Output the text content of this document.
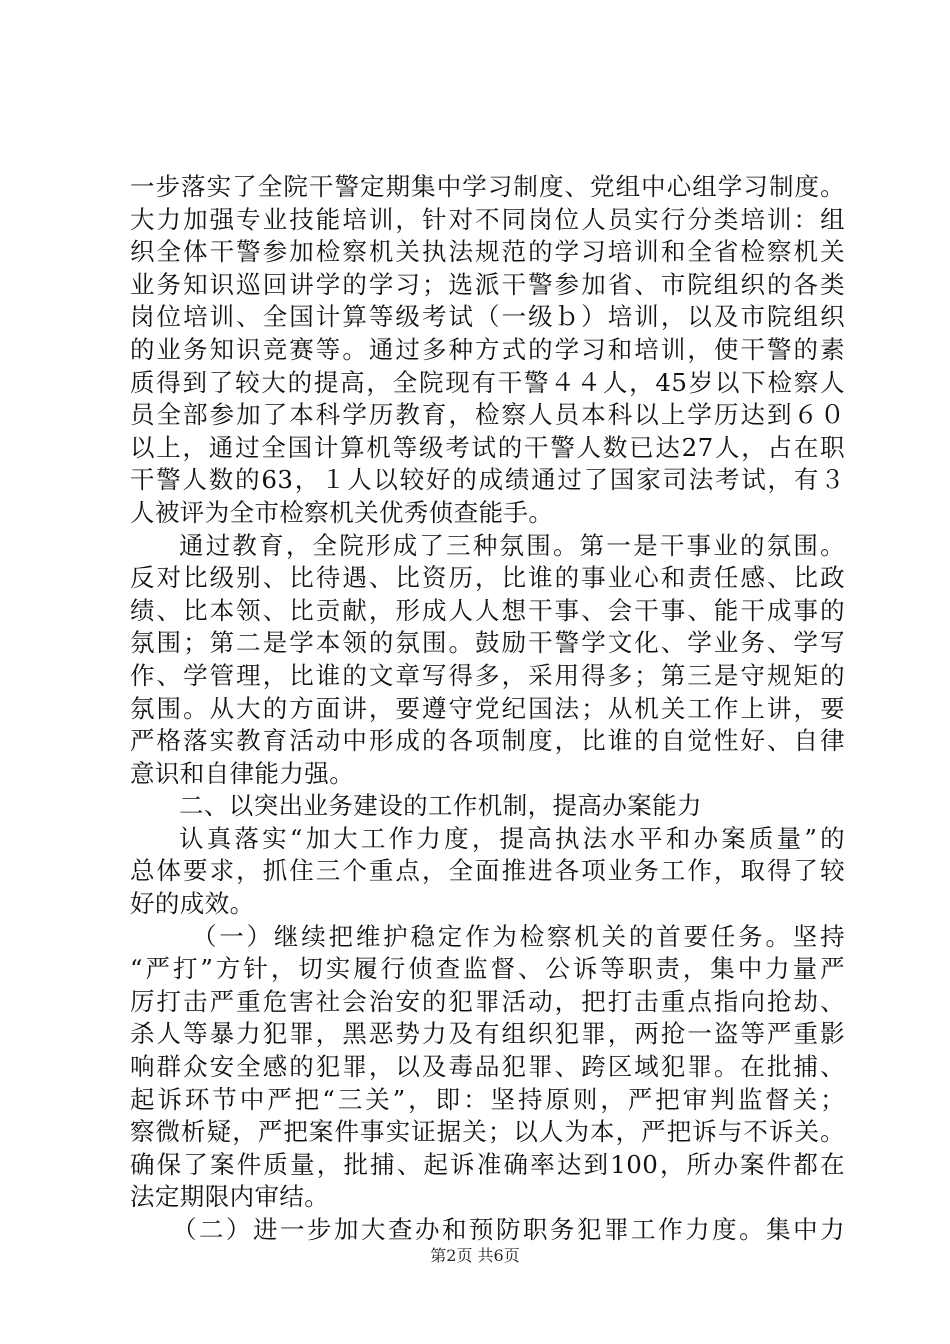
一步落实了全院干警定期集中学习制度、党组中心组学习制度。
大力加强专业技能培训，针对不同岗位人员实行分类培训：组
织全体干警参加检察机关执法规范的学习培训和全省检察机关
业务知识巡回讲学的学习；选派干警参加省、市院组织的各类
岗位培训、全国计算等级考试（一级ｂ）培训，以及市院组织
的业务知识竞赛等。通过多种方式的学习和培训，使干警的素
质得到了较大的提高，全院现有干警４４人，45岁以下检察人
员全部参加了本科学历教育，检察人员本科以上学历达到６０
以上，通过全国计算机等级考试的干警人数已达27人，占在职
干警人数的63，１人以较好的成绩通过了国家司法考试，有３
人被评为全市检察机关优秀侦查能手。
通过教育，全院形成了三种氛围。第一是干事业的氛围。
反对比级别、比待遇、比资历，比谁的事业心和责任感、比政
绩、比本领、比贡献，形成人人想干事、会干事、能干成事的
氛围；第二是学本领的氛围。鼓励干警学文化、学业务、学写
作、学管理，比谁的文章写得多，采用得多；第三是守规矩的
氛围。从大的方面讲，要遵守党纪国法；从机关工作上讲，要
严格落实教育活动中形成的各项制度，比谁的自觉性好、自律
意识和自律能力强。
二、以突出业务建设的工作机制，提高办案能力
认真落实“加大工作力度，提高执法水平和办案质量”的
总体要求，抓住三个重点，全面推进各项业务工作，取得了较
好的成效。
（一）继续把维护稳定作为检察机关的首要任务。坚持
“严打”方针，切实履行侦查监督、公诉等职责，集中力量严
厉打击严重危害社会治安的犯罪活动，把打击重点指向抢劫、
杀人等暴力犯罪，黑恶势力及有组织犯罪，两抢一盗等严重影
响群众安全感的犯罪，以及毒品犯罪、跨区域犯罪。在批捕、
起诉环节中严把“三关”，即：坚持原则，严把审判监督关；
察微析疑，严把案件事实证据关；以人为本，严把诉与不诉关。
确保了案件质量，批捕、起诉准确率达到100，所办案件都在
法定期限内审结。
（二）进一步加大查办和预防职务犯罪工作力度。集中力
第2页 共6页
